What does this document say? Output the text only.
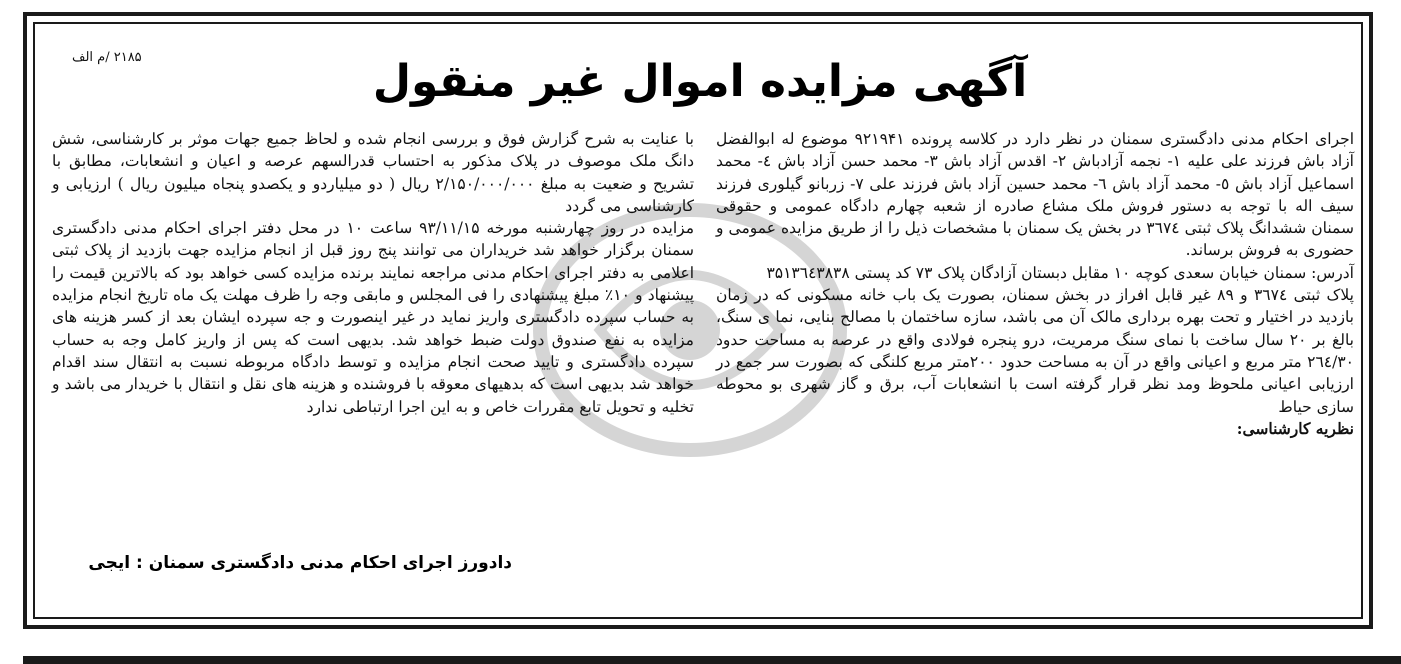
۲۱۸۵ /م الف	آگهی مزایده اموال غیر منقول

اجرای احکام مدنی دادگستری سمنان در نظر دارد در کلاسه پرونده ۹۲۱۹۴۱ موضوع له ابوالفضل آزاد باش فرزند علی علیه ۱- نجمه آزادباش ۲- اقدس آزاد باش ۳- محمد حسن آزاد باش ٤- محمد اسماعیل آزاد باش ٥- محمد آزاد باش ٦- محمد حسین آزاد باش فرزند علی ۷- زربانو گیلوری فرزند سیف اله با توجه به دستور فروش ملک مشاع صادره از شعبه چهارم دادگاه عمومی و حقوقی سمنان ششدانگ پلاک ثبتی ۳٦۷٤ در بخش یک سمنان با مشخصات ذیل را از طریق مزایده عمومی و حضوری به فروش برساند.

آدرس: سمنان خیابان سعدی کوچه ۱۰ مقابل دبستان آزادگان پلاک ۷۳ کد پستی ۳۵۱۳٦٤۳۸۳۸

پلاک ثبتی ۳٦۷٤ و ۸۹ غیر قابل افراز در بخش سمنان، بصورت یک باب خانه مسکونی که در زمان بازدید در اختیار و تحت بهره برداری مالک آن می باشد، سازه ساختمان با مصالح بنایی، نما ی سنگ، بالغ بر ۲۰ سال ساخت با نمای سنگ مرمریت، درو پنجره فولادی واقع در عرصه به مساحت حدود ۲٦٤/۳۰ متر مربع و اعیانی واقع در آن به مساحت حدود ۲۰۰متر مربع کلنگی که بصورت سر جمع در ارزیابی اعیانی ملحوظ ومد نظر قرار گرفته است با انشعابات آب، برق و گاز شهری بو محوطه سازی حیاط

نظریه کارشناسی:

با عنایت به شرح گزارش فوق و بررسی انجام شده و لحاظ جمیع جهات موثر بر کارشناسی، شش دانگ ملک موصوف در پلاک مذکور به احتساب قدرالسهم عرصه و اعیان و انشعابات، مطابق با تشریح و ضعیت به مبلغ ۲/۱۵۰/۰۰۰/۰۰۰ ریال ( دو میلیاردو و یکصدو پنجاه میلیون ریال ) ارزیابی و کارشناسی می گردد

مزایده در روز چهارشنبه مورخه ۹۳/۱۱/۱۵ ساعت ۱۰ در محل دفتر اجرای احکام مدنی دادگستری سمنان برگزار خواهد شد خریداران می توانند پنج روز قبل از انجام مزایده جهت بازدید از پلاک ثبتی اعلامی به دفتر اجرای احکام مدنی مراجعه نمایند برنده مزایده کسی خواهد بود که بالاترین قیمت را پیشنهاد و ۱۰٪ مبلغ پیشنهادی را فی المجلس و مابقی وجه را ظرف مهلت یک ماه تاریخ انجام مزایده به حساب سپرده دادگستری واریز نماید در غیر اینصورت و جه سپرده ایشان بعد از کسر هزینه های مزایده به نفع صندوق دولت ضبط خواهد شد. بدیهی است که پس از واریز کامل وجه به حساب سپرده دادگستری و تایید صحت انجام مزایده و توسط دادگاه مربوطه نسبت به انتقال سند اقدام خواهد شد بدیهی است که بدهیهای معوقه با فروشنده و هزینه های نقل و انتقال با خریدار می باشد و تخلیه و تحویل تابع مقررات خاص و به این اجرا ارتباطی ندارد

دادورز اجرای احکام مدنی دادگستری سمنان : ایجی
